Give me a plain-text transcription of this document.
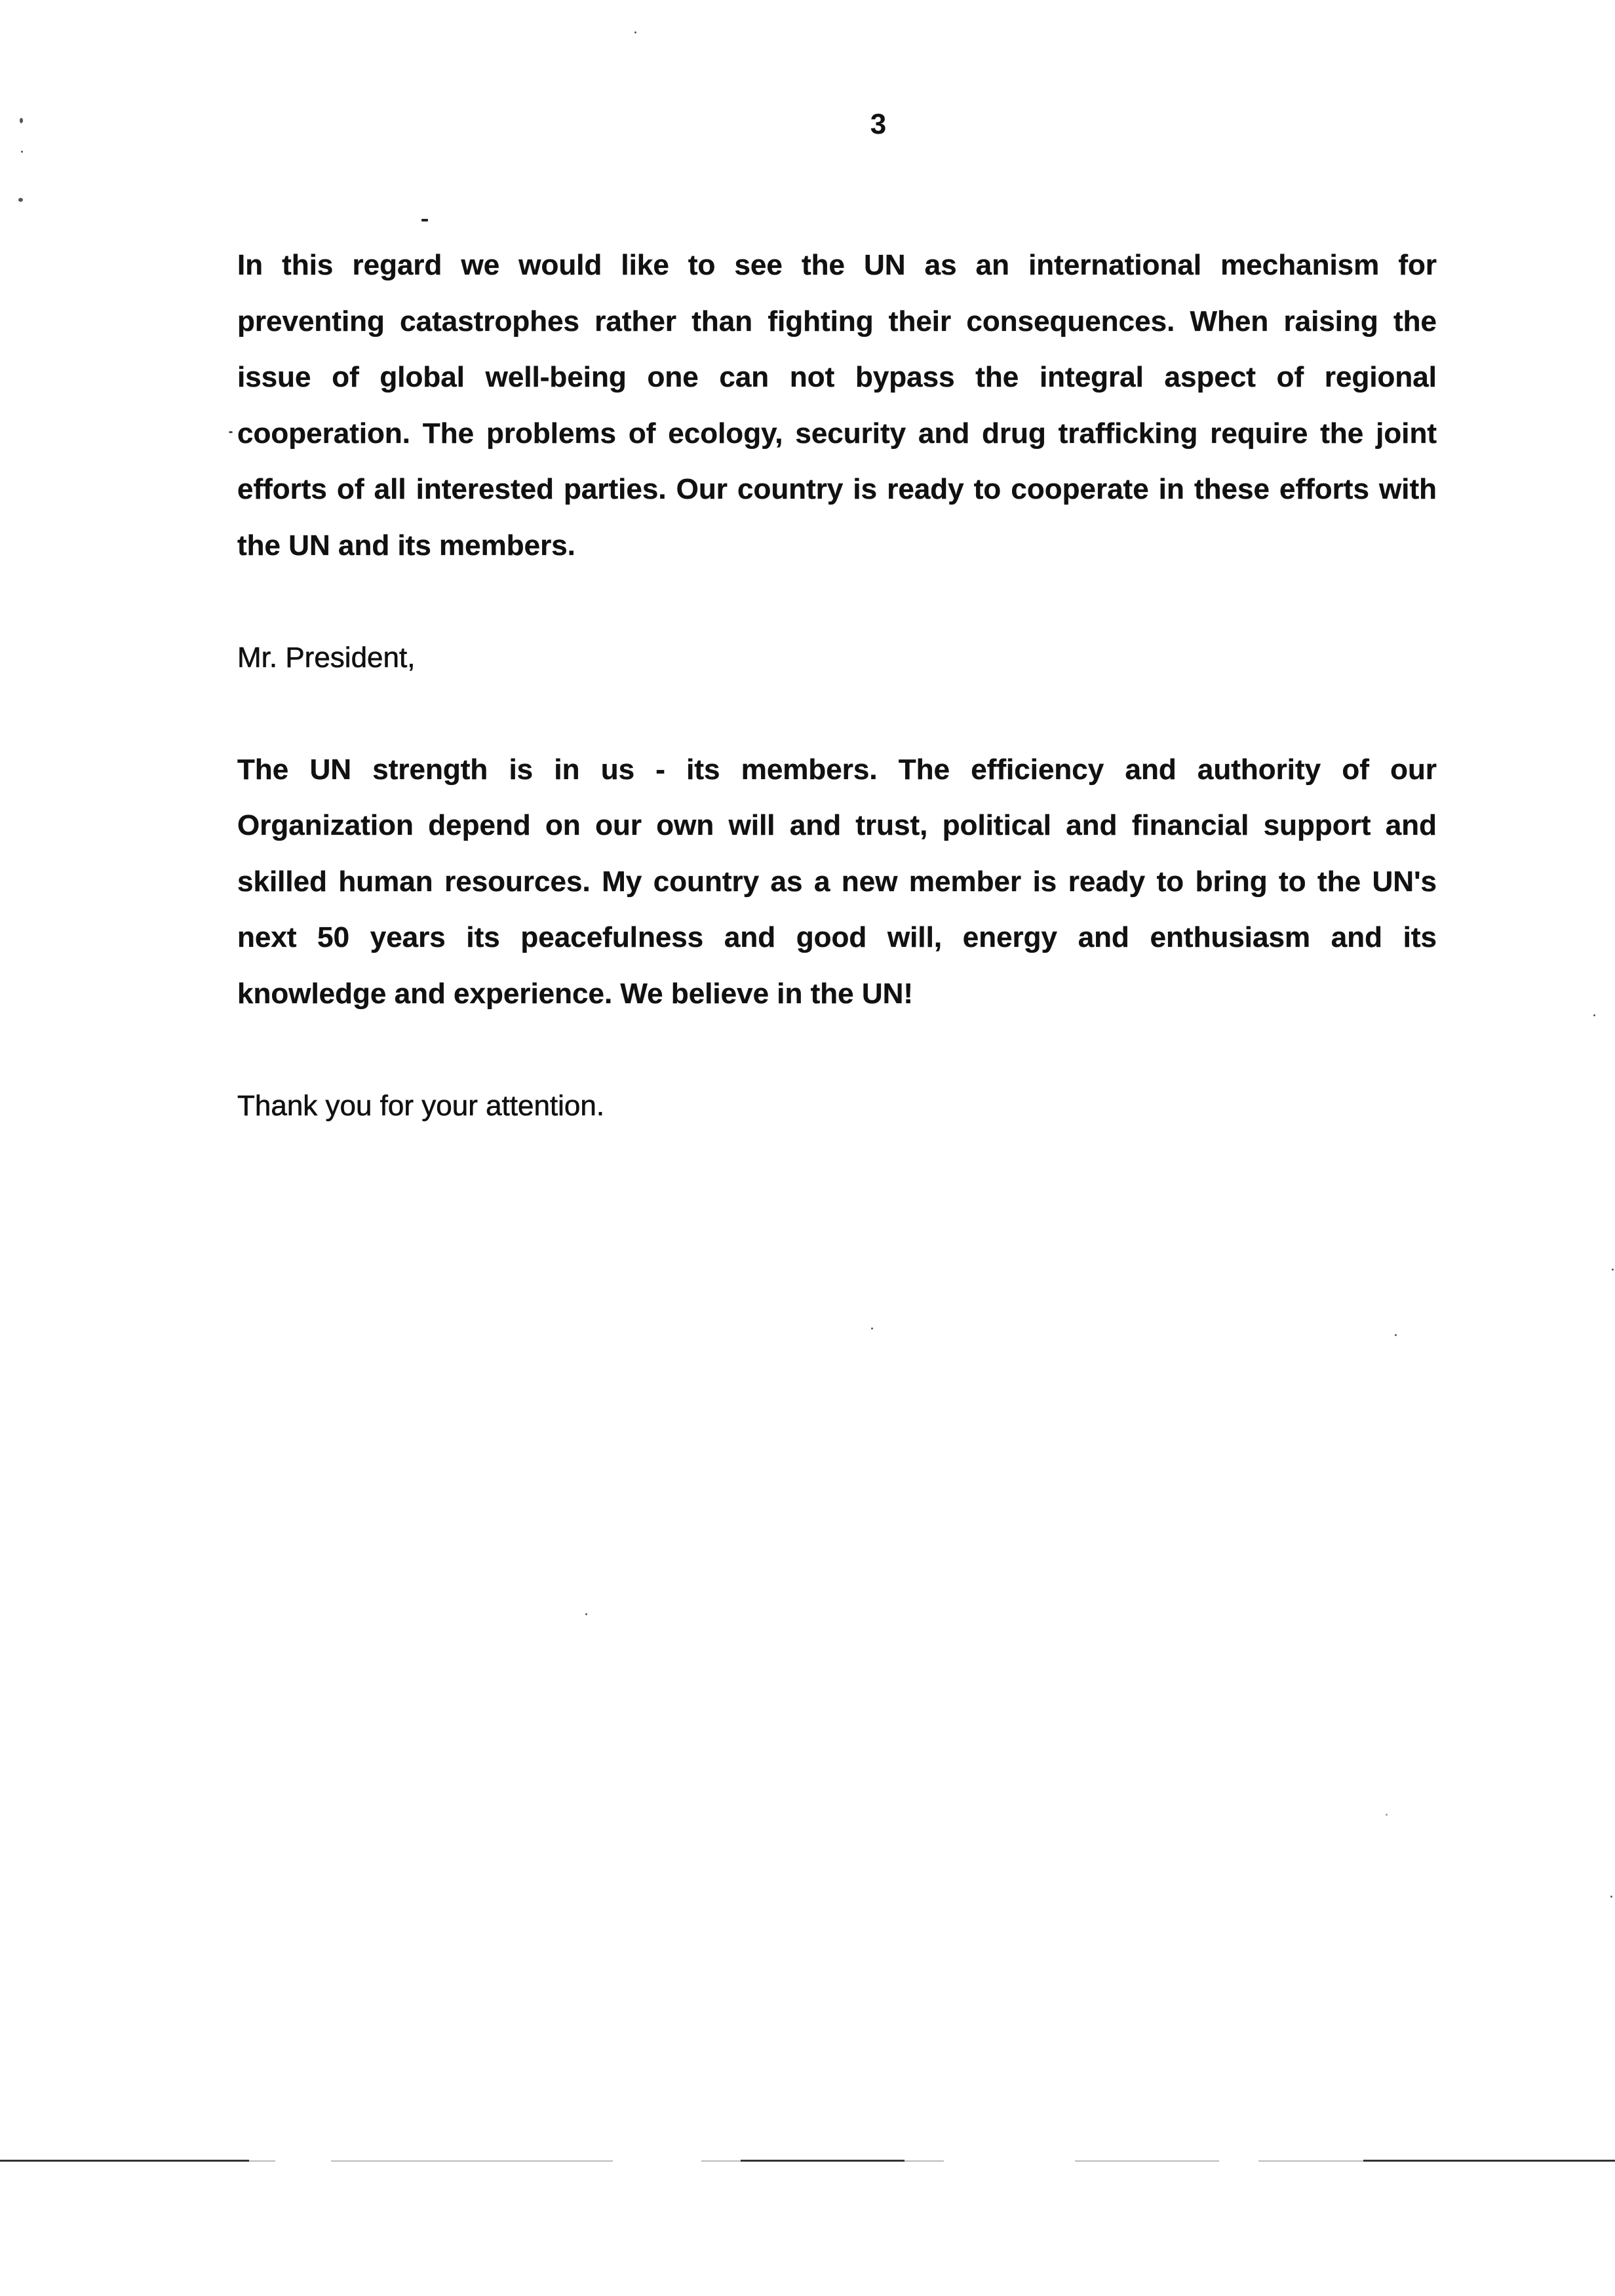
3

In this regard we would like to see the UN as an international mechanism for preventing catastrophes rather than fighting their consequences. When raising the issue of global well-being one can not bypass the integral aspect of regional cooperation. The problems of ecology, security and drug trafficking require the joint efforts of all interested parties. Our country is ready to cooperate in these efforts with the UN and its members.

Mr. President,

The UN strength is in us - its members. The efficiency and authority of our Organization depend on our own will and trust, political and financial support and skilled human resources. My country as a new member is ready to bring to the UN's next 50 years its peacefulness and good will, energy and enthusiasm and its knowledge and experience. We believe in the UN!

Thank you for your attention.
